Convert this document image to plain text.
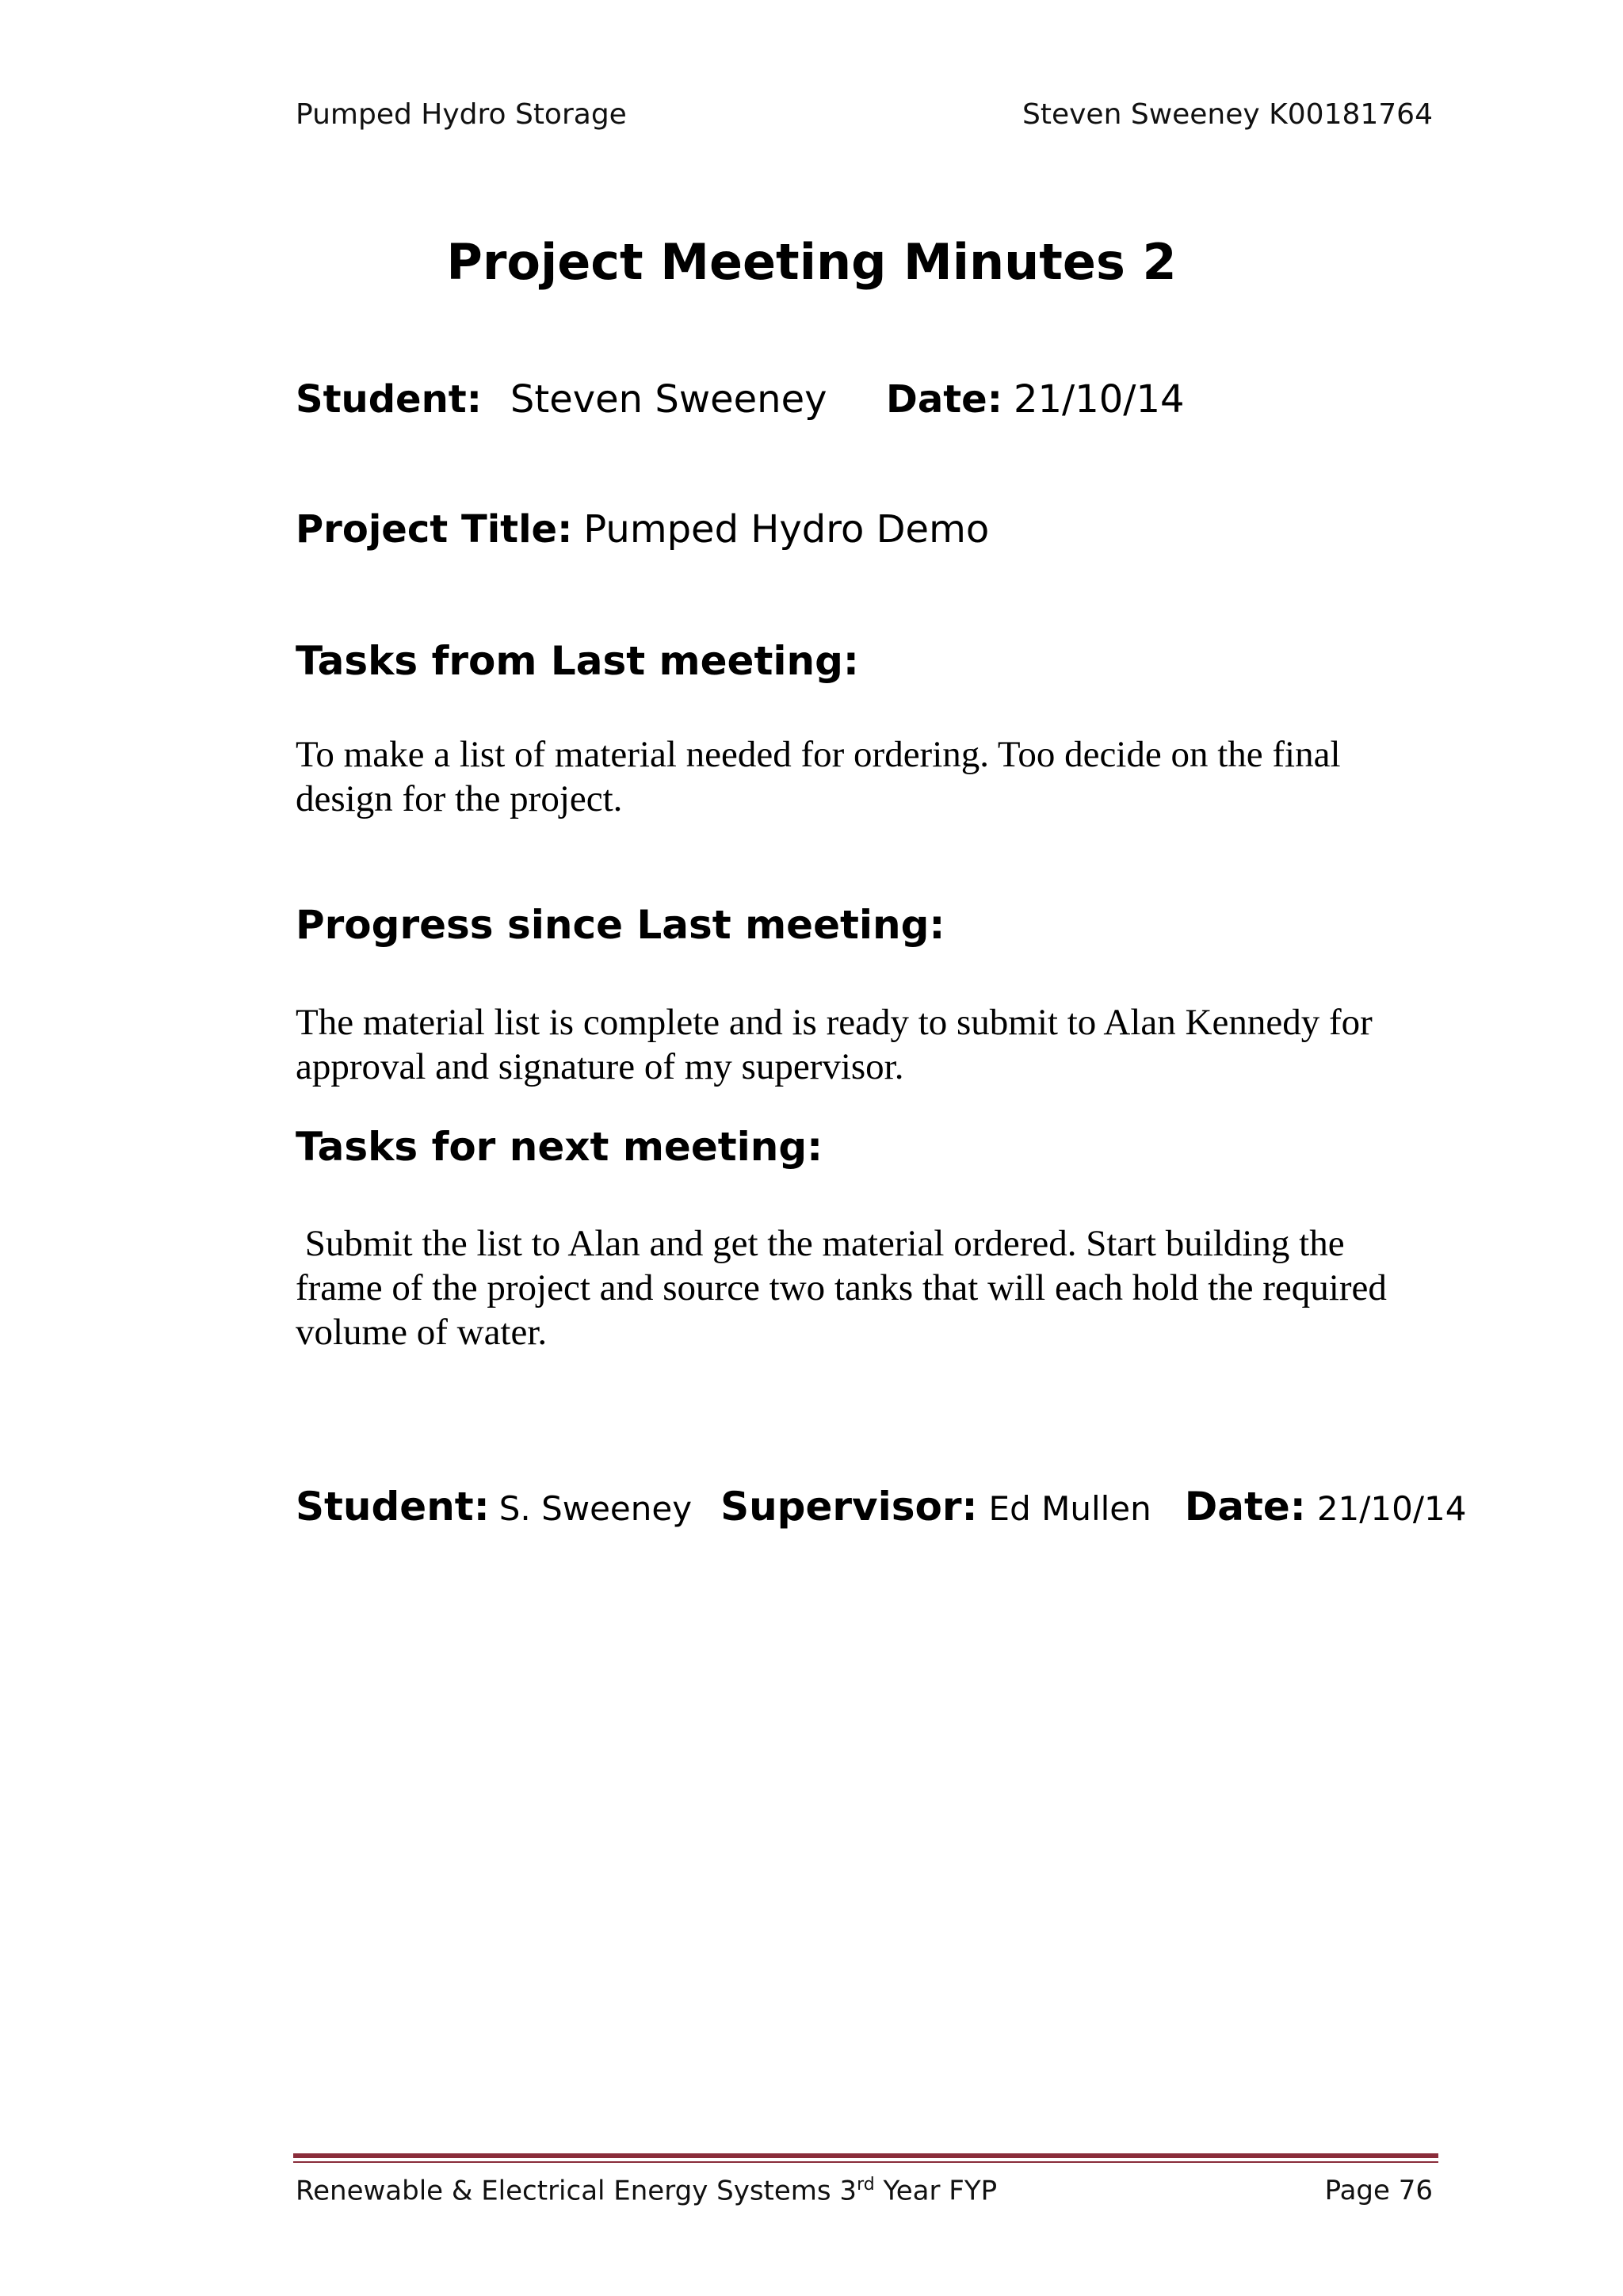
Pumped Hydro Storage	Steven Sweeney K00181764
Project Meeting Minutes 2
Student: Steven Sweeney Date: 21/10/14
Project Title: Pumped Hydro Demo
Tasks from Last meeting:
To make a list of material needed for ordering. Too decide on the final design for the project.
Progress since Last meeting:
The material list is complete and is ready to submit to Alan Kennedy for approval and signature of my supervisor.
Tasks for next meeting:
Submit the list to Alan and get the material ordered. Start building the frame of the project and source two tanks that will each hold the required volume of water.
Student: S. Sweeney Supervisor: Ed Mullen Date: 21/10/14
Renewable & Electrical Energy Systems 3rd Year FYP	Page 76
